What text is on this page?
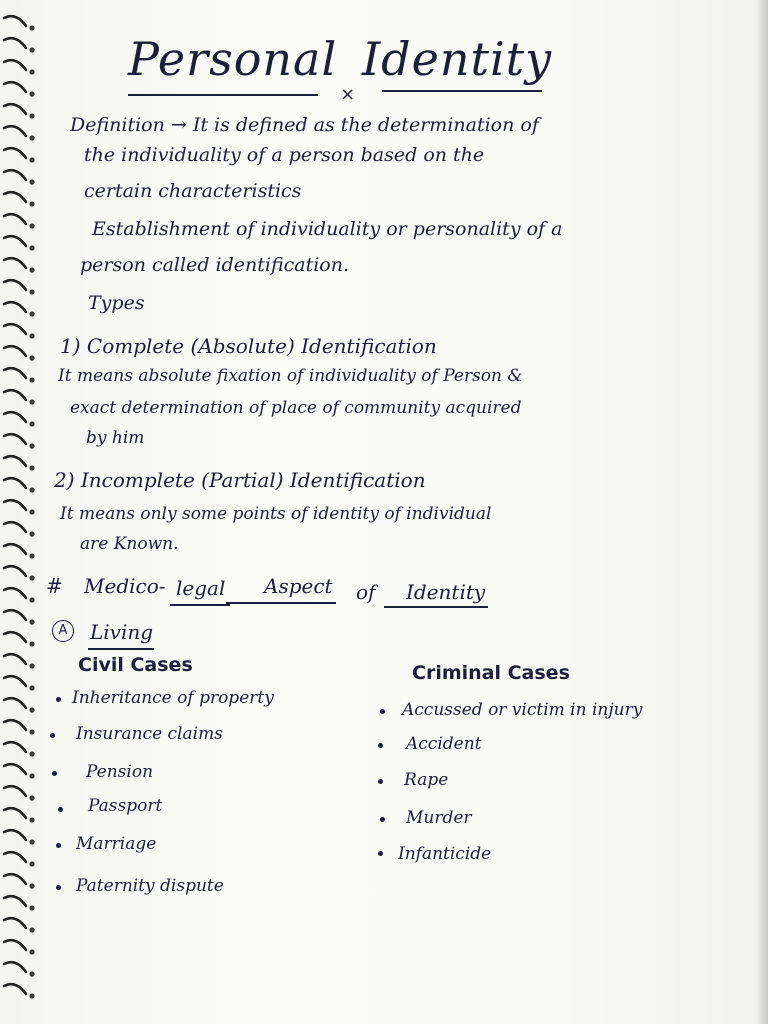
Personal
×
Identity
Definition → It is defined as the determination of
the individuality of a person based on the
certain characteristics
Establishment of individuality or personality of a
person called identification.
Types
1) Complete (Absolute) Identification
It means absolute fixation of individuality of Person &
exact determination of place of community acquired
by him
2) Incomplete (Partial) Identification
It means only some points of identity of individual
are Known.
# Medico- legal Aspect of Identity
A	Living
Civil Cases
Inheritance of property
Insurance claims
Pension
Passport
Marriage
Paternity dispute
Criminal Cases
Accussed or victim in injury
Accident
Rape
Murder
Infanticide
